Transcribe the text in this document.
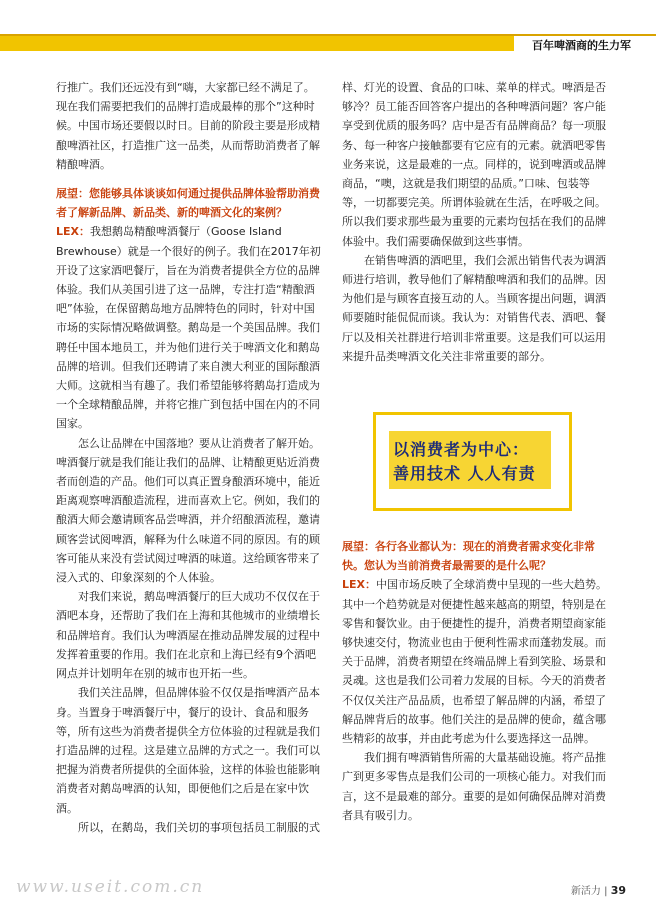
百年啤酒商的生力军

行推广。我们还远没有到“嗨，大家都已经不满足了。现在我们需要把我们的品牌打造成最棒的那个”这种时候。中国市场还要假以时日。目前的阶段主要是形成精酿啤酒社区，打造推广这一品类，从而帮助消费者了解精酿啤酒。

展望：您能够具体谈谈如何通过提供品牌体验帮助消费者了解新品牌、新品类、新的啤酒文化的案例？

LEX：我想鹅岛精酿啤酒餐厅（Goose Island Brewhouse）就是一个很好的例子。我们在2017年初开设了这家酒吧餐厅，旨在为消费者提供全方位的品牌体验。我们从美国引进了这一品牌，专注打造“精酿酒吧”体验，在保留鹅岛地方品牌特色的同时，针对中国市场的实际情况略做调整。鹅岛是一个美国品牌。我们聘任中国本地员工，并为他们进行关于啤酒文化和鹅岛品牌的培训。但我们还聘请了来自澳大利亚的国际酿酒大师。这就相当有趣了。我们希望能够将鹅岛打造成为一个全球精酿品牌，并将它推广到包括中国在内的不同国家。

怎么让品牌在中国落地？要从让消费者了解开始。啤酒餐厅就是我们能让我们的品牌、让精酿更贴近消费者而创造的产品。他们可以真正置身酿酒环境中，能近距离观察啤酒酿造流程，进而喜欢上它。例如，我们的酿酒大师会邀请顾客品尝啤酒，并介绍酿酒流程，邀请顾客尝试阅啤酒，解释为什么味道不同的原因。有的顾客可能从来没有尝试阅过啤酒的味道。这给顾客带来了浸入式的、印象深刻的个人体验。

对我们来说，鹅岛啤酒餐厅的巨大成功不仅仅在于酒吧本身，还帮助了我们在上海和其他城市的业绩增长和品牌培育。我们认为啤酒屋在推动品牌发展的过程中发挥着重要的作用。我们在北京和上海已经有9个酒吧网点并计划明年在别的城市也开拓一些。

我们关注品牌，但品牌体验不仅仅是指啤酒产品本身。当置身于啤酒餐厅中，餐厅的设计、食品和服务等，所有这些为消费者提供全方位体验的过程就是我们打造品牌的过程。这是建立品牌的方式之一。我们可以把握为消费者所提供的全面体验，这样的体验也能影响消费者对鹅岛啤酒的认知，即便他们之后是在家中饮酒。

所以，在鹅岛，我们关切的事项包括员工制服的式

样、灯光的设置、食品的口味、菜单的样式。啤酒是否够冷？员工能否回答客户提出的各种啤酒问题？客户能享受到优质的服务吗？店中是否有品牌商品？每一项服务、每一种客户接触都要有它应有的元素。就酒吧零售业务来说，这是最难的一点。同样的，说到啤酒或品牌商品，“噢，这就是我们期望的品质。”口味、包装等等，一切都要完美。所谓体验就在生活，在呼吸之间。所以我们要求那些最为重要的元素均包括在我们的品牌体验中。我们需要确保做到这些事情。

在销售啤酒的酒吧里，我们会派出销售代表为调酒师进行培训，教导他们了解精酿啤酒和我们的品牌。因为他们是与顾客直接互动的人。当顾客提出问题，调酒师要随时能侃侃而谈。我认为：对销售代表、酒吧、餐厅以及相关社群进行培训非常重要。这是我们可以运用来提升品类啤酒文化关注非常重要的部分。

以消费者为中心：
善用技术 人人有责

展望：各行各业都认为：现在的消费者需求变化非常快。您认为当前消费者最需要的是什么呢？

LEX：中国市场反映了全球消费中呈现的一些大趋势。其中一个趋势就是对便捷性越来越高的期望，特别是在零售和餐饮业。由于便捷性的提升，消费者期望商家能够快速交付，物流业也由于便利性需求而蓬勃发展。而关于品牌，消费者期望在终端品牌上看到笑脸、场景和灵魂。这也是我们公司着力发展的目标。今天的消费者不仅仅关注产品品质，也希望了解品牌的内涵，希望了解品牌背后的故事。他们关注的是品牌的使命，蕴含哪些精彩的故事，并由此考虑为什么要选择这一品牌。

我们拥有啤酒销售所需的大量基础设施。将产品推广到更多零售点是我们公司的一项核心能力。对我们而言，这不是最难的部分。重要的是如何确保品牌对消费者具有吸引力。

www.useit.com.cn	新活力 | 39
